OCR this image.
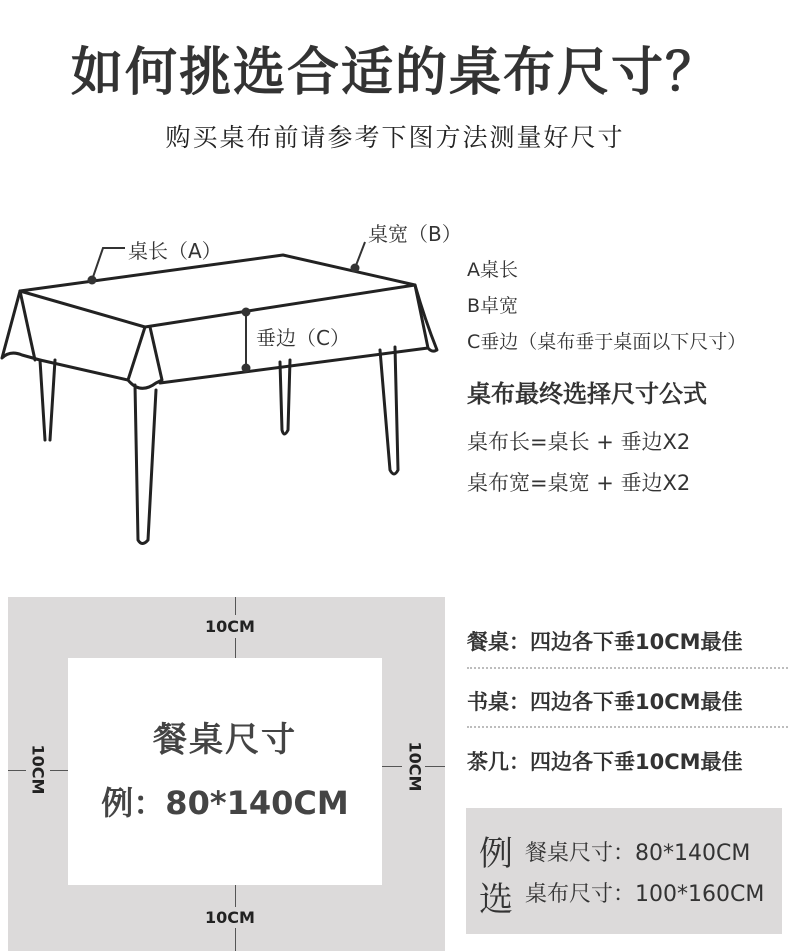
如何挑选合适的桌布尺寸？
购买桌布前请参考下图方法测量好尺寸
桌长（A）
桌宽（B）
垂边（C）
A桌长
B卓宽
C垂边（桌布垂于桌面以下尺寸）
桌布最终选择尺寸公式
桌布长=桌长 + 垂边X2
桌布宽=桌宽 + 垂边X2
10CM
10CM
10CM	10CM
餐桌尺寸
例：80*140CM
餐桌：四边各下垂10CM最佳
书桌：四边各下垂10CM最佳
茶几：四边各下垂10CM最佳
例
选
餐桌尺寸：80*140CM
桌布尺寸：100*160CM
